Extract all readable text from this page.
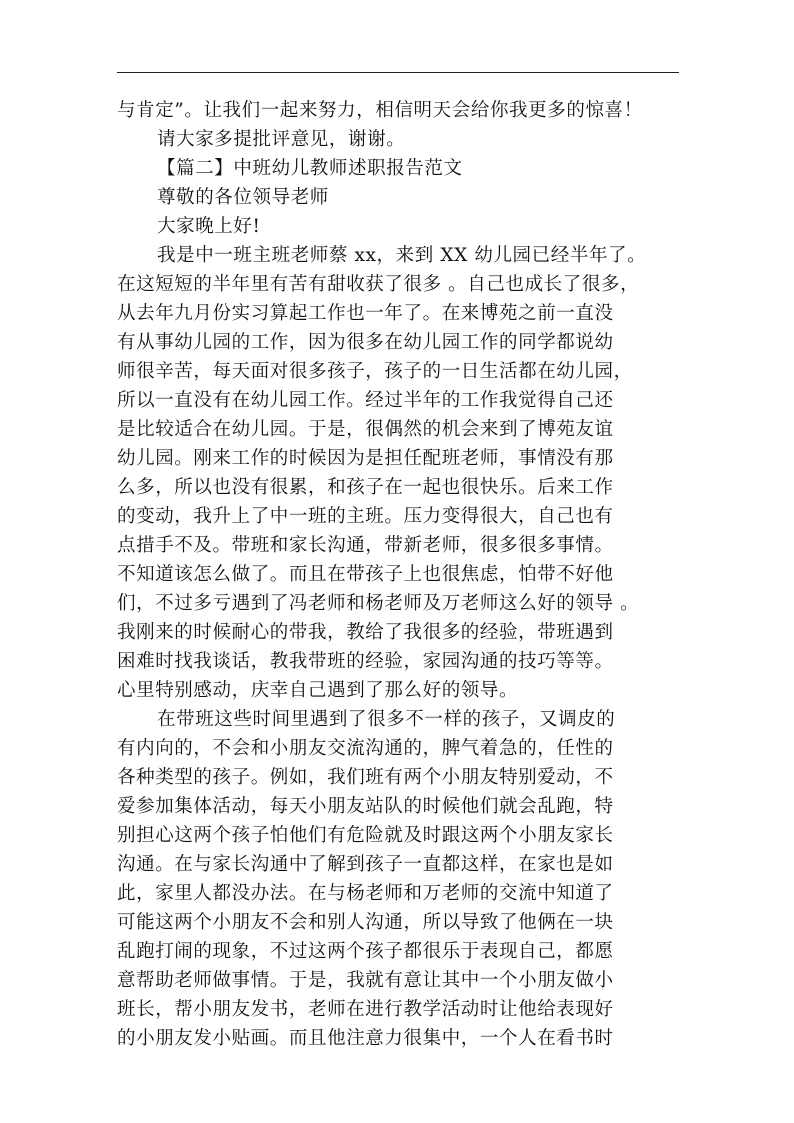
与肯定”。让我们一起来努力，相信明天会给你我更多的惊喜！
请大家多提批评意见，谢谢。
【篇二】中班幼儿教师述职报告范文
尊敬的各位领导老师
大家晚上好!
我是中一班主班老师蔡 xx，来到 XX 幼儿园已经半年了。
在这短短的半年里有苦有甜收获了很多 。自己也成长了很多，
从去年九月份实习算起工作也一年了。在来博苑之前一直没
有从事幼儿园的工作，因为很多在幼儿园工作的同学都说幼
师很辛苦，每天面对很多孩子，孩子的一日生活都在幼儿园，
所以一直没有在幼儿园工作。经过半年的工作我觉得自己还
是比较适合在幼儿园。于是，很偶然的机会来到了博苑友谊
幼儿园。刚来工作的时候因为是担任配班老师，事情没有那
么多，所以也没有很累，和孩子在一起也很快乐。后来工作
的变动，我升上了中一班的主班。压力变得很大，自己也有
点措手不及。带班和家长沟通，带新老师，很多很多事情。
不知道该怎么做了。而且在带孩子上也很焦虑，怕带不好他
们，不过多亏遇到了冯老师和杨老师及万老师这么好的领导 。
我刚来的时候耐心的带我，教给了我很多的经验，带班遇到
困难时找我谈话，教我带班的经验，家园沟通的技巧等等。
心里特别感动，庆幸自己遇到了那么好的领导。
在带班这些时间里遇到了很多不一样的孩子，又调皮的
有内向的，不会和小朋友交流沟通的，脾气着急的，任性的
各种类型的孩子。例如，我们班有两个小朋友特别爱动，不
爱参加集体活动，每天小朋友站队的时候他们就会乱跑，特
别担心这两个孩子怕他们有危险就及时跟这两个小朋友家长
沟通。在与家长沟通中了解到孩子一直都这样，在家也是如
此，家里人都没办法。在与杨老师和万老师的交流中知道了
可能这两个小朋友不会和别人沟通，所以导致了他俩在一块
乱跑打闹的现象，不过这两个孩子都很乐于表现自己，都愿
意帮助老师做事情。于是，我就有意让其中一个小朋友做小
班长，帮小朋友发书，老师在进行教学活动时让他给表现好
的小朋友发小贴画。而且他注意力很集中，一个人在看书时
